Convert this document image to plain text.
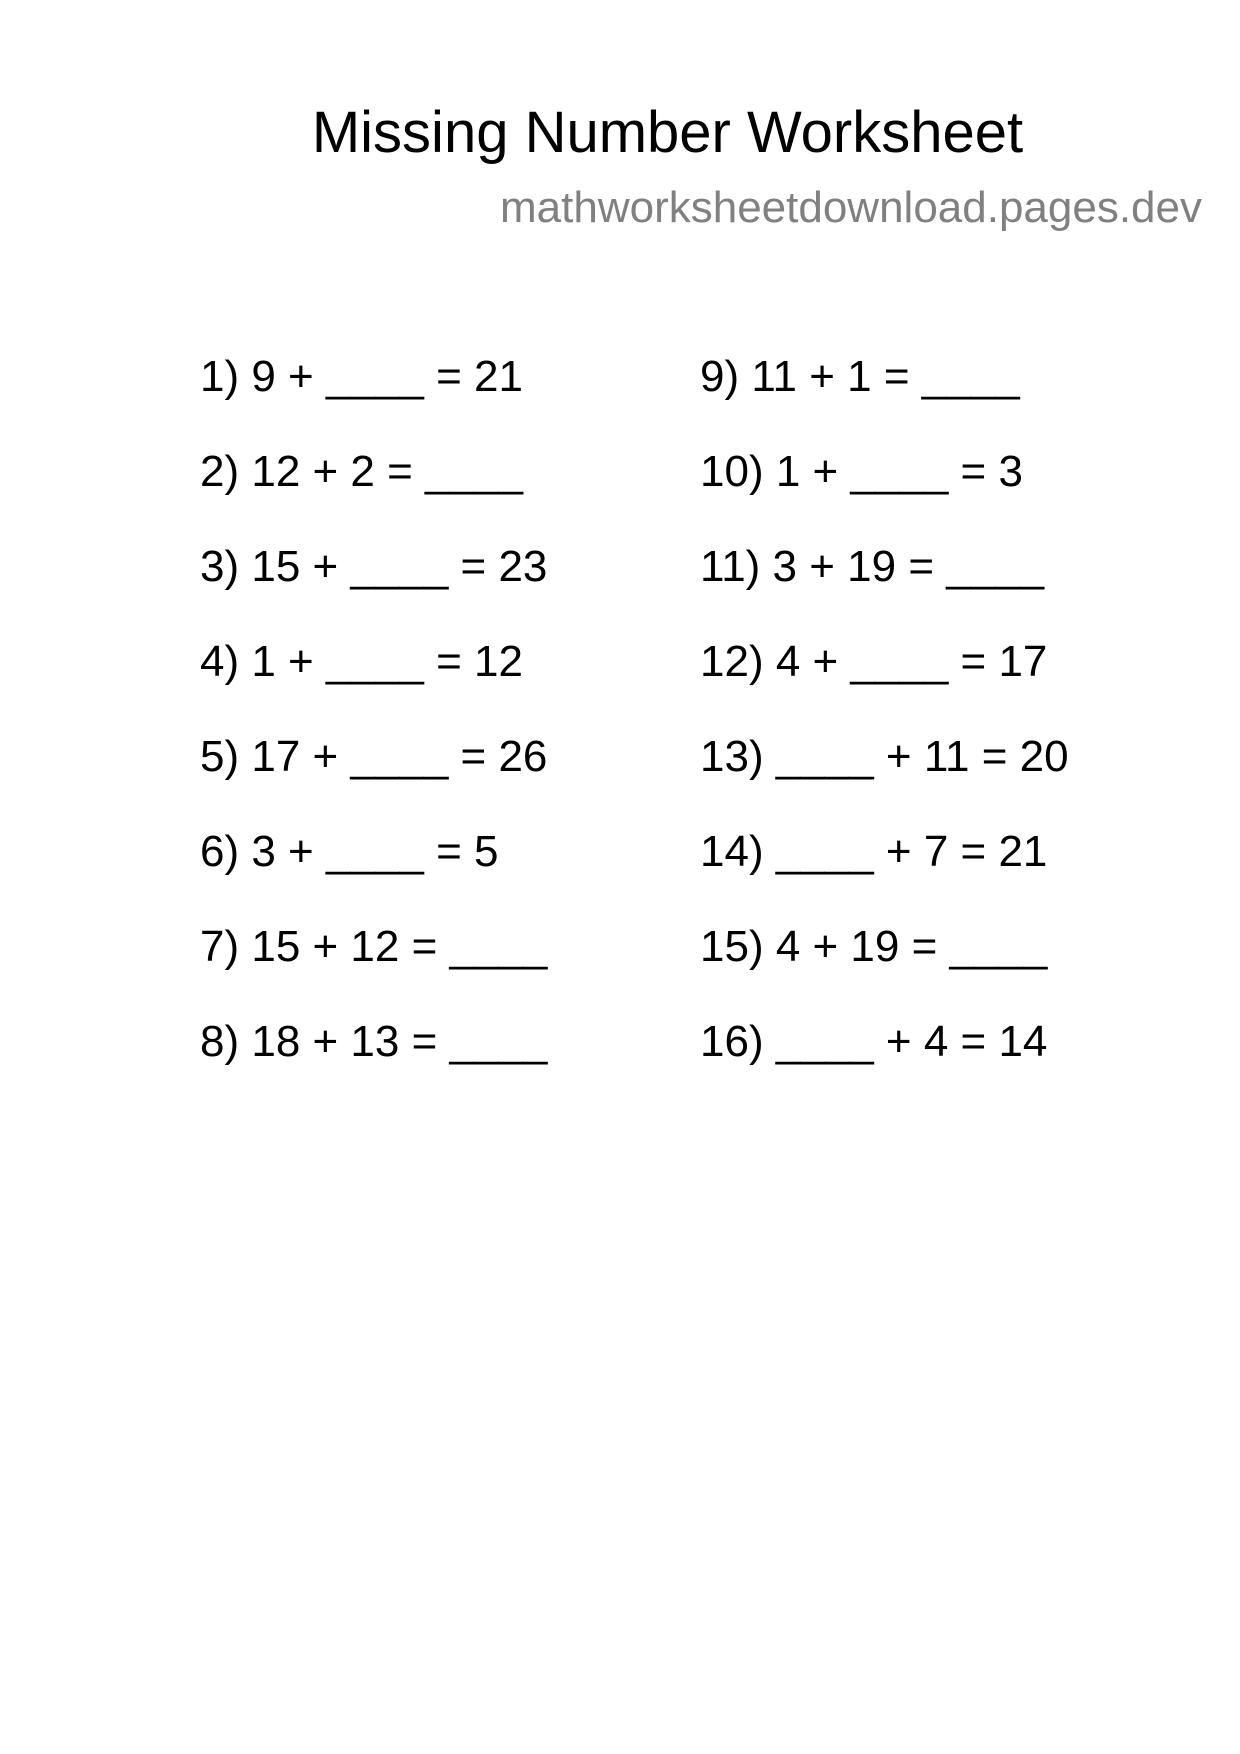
Missing Number Worksheet
mathworksheetdownload.pages.dev
1) 9 + ____ = 21
2) 12 + 2 = ____
3) 15 + ____ = 23
4) 1 + ____ = 12
5) 17 + ____ = 26
6) 3 + ____ = 5
7) 15 + 12 = ____
8) 18 + 13 = ____
9) 11 + 1 = ____
10) 1 + ____ = 3
11) 3 + 19 = ____
12) 4 + ____ = 17
13) ____ + 11 = 20
14) ____ + 7 = 21
15) 4 + 19 = ____
16) ____ + 4 = 14
